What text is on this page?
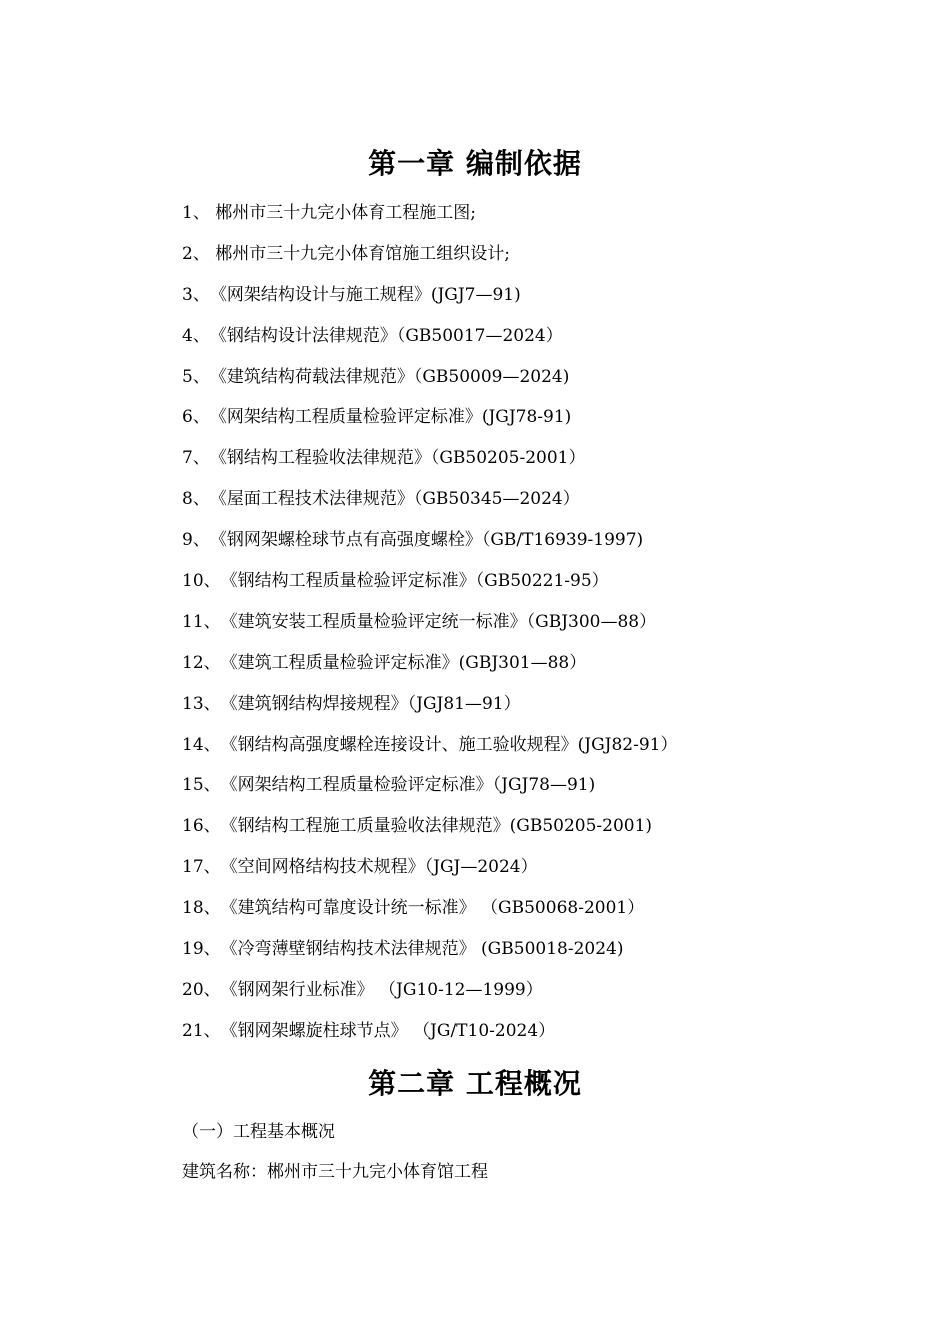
第一章 编制依据
1、 郴州市三十九完小体育工程施工图;
2、 郴州市三十九完小体育馆施工组织设计;
3、《网架结构设计与施工规程》(JGJ7—91)
4、《钢结构设计法律规范》（GB50017—2024）
5、《建筑结构荷载法律规范》（GB50009—2024)
6、《网架结构工程质量检验评定标准》(JGJ78-91)
7、《钢结构工程验收法律规范》（GB50205-2001）
8、《屋面工程技术法律规范》（GB50345—2024）
9、《钢网架螺栓球节点有高强度螺栓》（GB/T16939-1997)
10、《钢结构工程质量检验评定标准》（GB50221-95）
11、《建筑安装工程质量检验评定统一标准》（GBJ300—88）
12、《建筑工程质量检验评定标准》(GBJ301—88）
13、《建筑钢结构焊接规程》（JGJ81—91）
14、《钢结构高强度螺栓连接设计、施工验收规程》(JGJ82-91）
15、《网架结构工程质量检验评定标准》（JGJ78—91)
16、《钢结构工程施工质量验收法律规范》(GB50205-2001)
17、《空间网格结构技术规程》（JGJ—2024）
18、《建筑结构可靠度设计统一标准》 （GB50068-2001）
19、《冷弯薄壁钢结构技术法律规范》 (GB50018-2024)
20、《钢网架行业标准》 （JG10-12—1999）
21、《钢网架螺旋柱球节点》 （JG/T10-2024）
第二章 工程概况
（一）工程基本概况
建筑名称：郴州市三十九完小体育馆工程
